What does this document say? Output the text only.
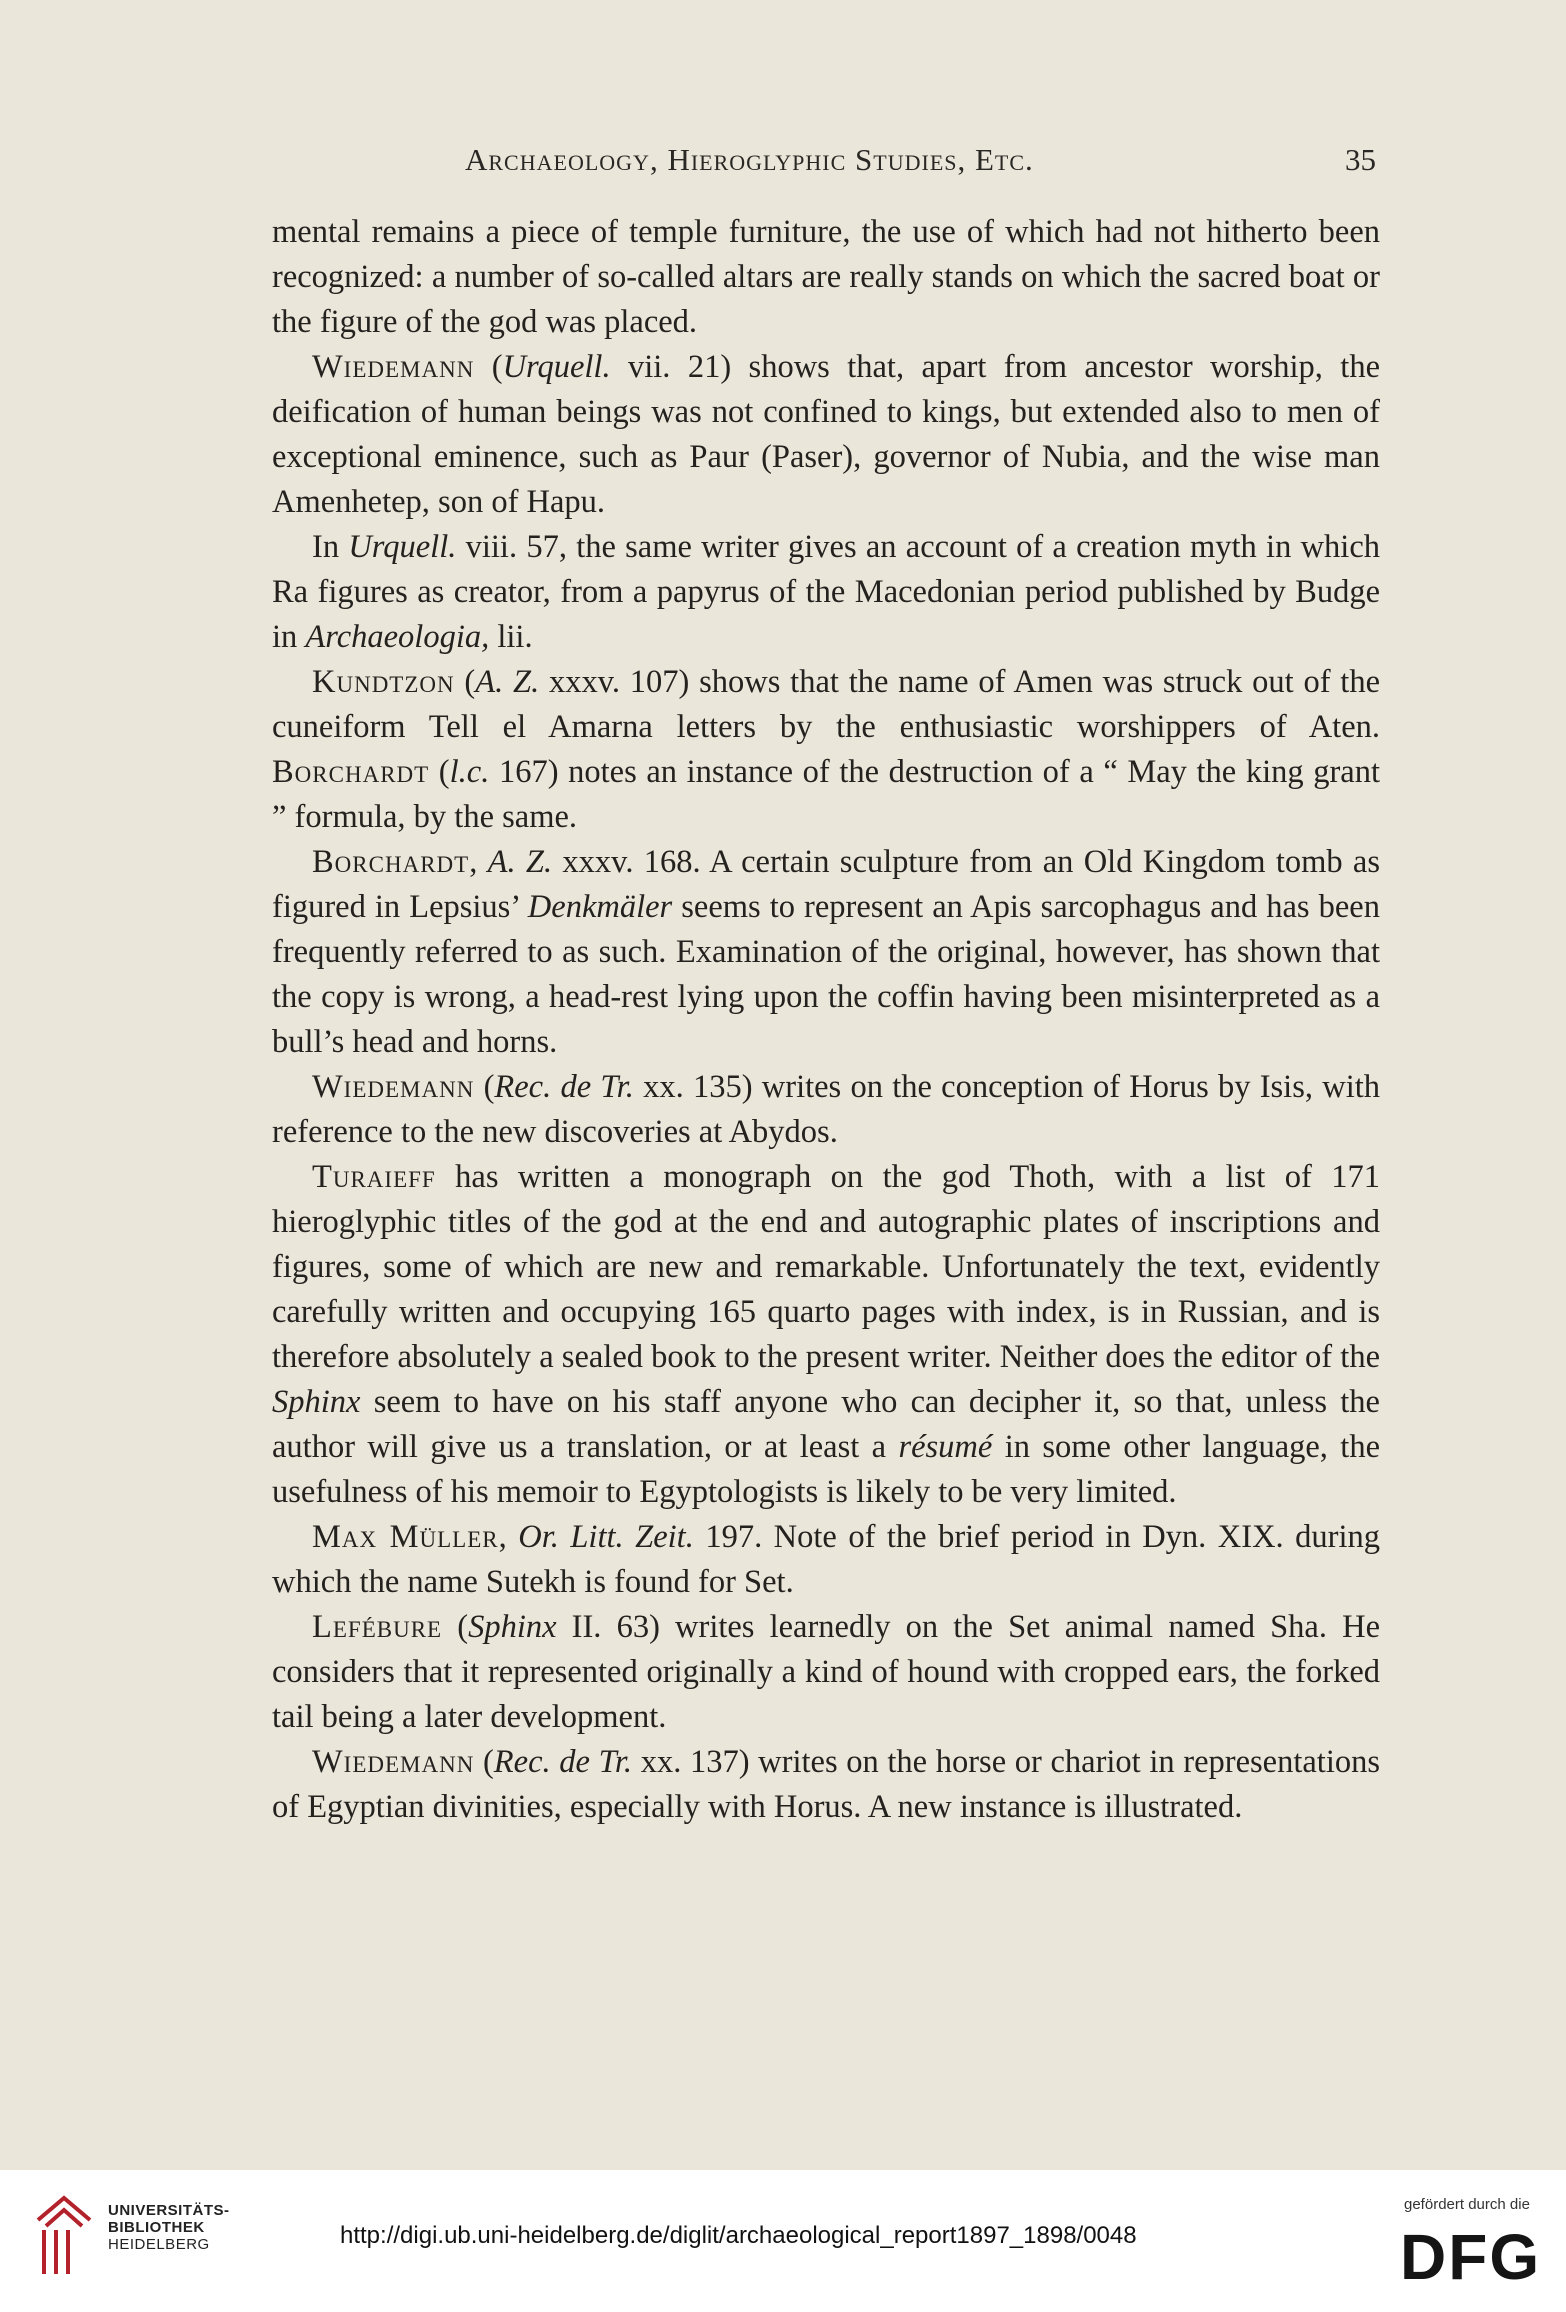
Archaeology, Hieroglyphic Studies, Etc.	35

mental remains a piece of temple furniture, the use of which had not hitherto been recognized: a number of so-called altars are really stands on which the sacred boat or the figure of the god was placed.

Wiedemann (Urquell. vii. 21) shows that, apart from ancestor worship, the deification of human beings was not confined to kings, but extended also to men of exceptional eminence, such as Paur (Paser), governor of Nubia, and the wise man Amenhetep, son of Hapu.

In Urquell. viii. 57, the same writer gives an account of a creation myth in which Ra figures as creator, from a papyrus of the Macedonian period published by Budge in Archaeologia, lii.

Kundtzon (A. Z. xxxv. 107) shows that the name of Amen was struck out of the cuneiform Tell el Amarna letters by the enthusiastic worshippers of Aten. Borchardt (l.c. 167) notes an instance of the destruction of a “ May the king grant ” formula, by the same.

Borchardt, A. Z. xxxv. 168. A certain sculpture from an Old Kingdom tomb as figured in Lepsius’ Denkmäler seems to represent an Apis sarcophagus and has been frequently referred to as such. Examination of the original, however, has shown that the copy is wrong, a head-rest lying upon the coffin having been misinterpreted as a bull’s head and horns.

Wiedemann (Rec. de Tr. xx. 135) writes on the conception of Horus by Isis, with reference to the new discoveries at Abydos.

Turaieff has written a monograph on the god Thoth, with a list of 171 hieroglyphic titles of the god at the end and autographic plates of inscriptions and figures, some of which are new and remarkable. Unfortunately the text, evidently carefully written and occupying 165 quarto pages with index, is in Russian, and is therefore absolutely a sealed book to the present writer. Neither does the editor of the Sphinx seem to have on his staff anyone who can decipher it, so that, unless the author will give us a translation, or at least a résumé in some other language, the usefulness of his memoir to Egyptologists is likely to be very limited.

Max Müller, Or. Litt. Zeit. 197. Note of the brief period in Dyn. XIX. during which the name Sutekh is found for Set.

Lefébure (Sphinx II. 63) writes learnedly on the Set animal named Sha. He considers that it represented originally a kind of hound with cropped ears, the forked tail being a later development.

Wiedemann (Rec. de Tr. xx. 137) writes on the horse or chariot in representations of Egyptian divinities, especially with Horus. A new instance is illustrated.

UNIVERSITÄTS-
BIBLIOTHEK
HEIDELBERG	http://digi.ub.uni-heidelberg.de/diglit/archaeological_report1897_1898/0048
gefördert durch die
DFG
